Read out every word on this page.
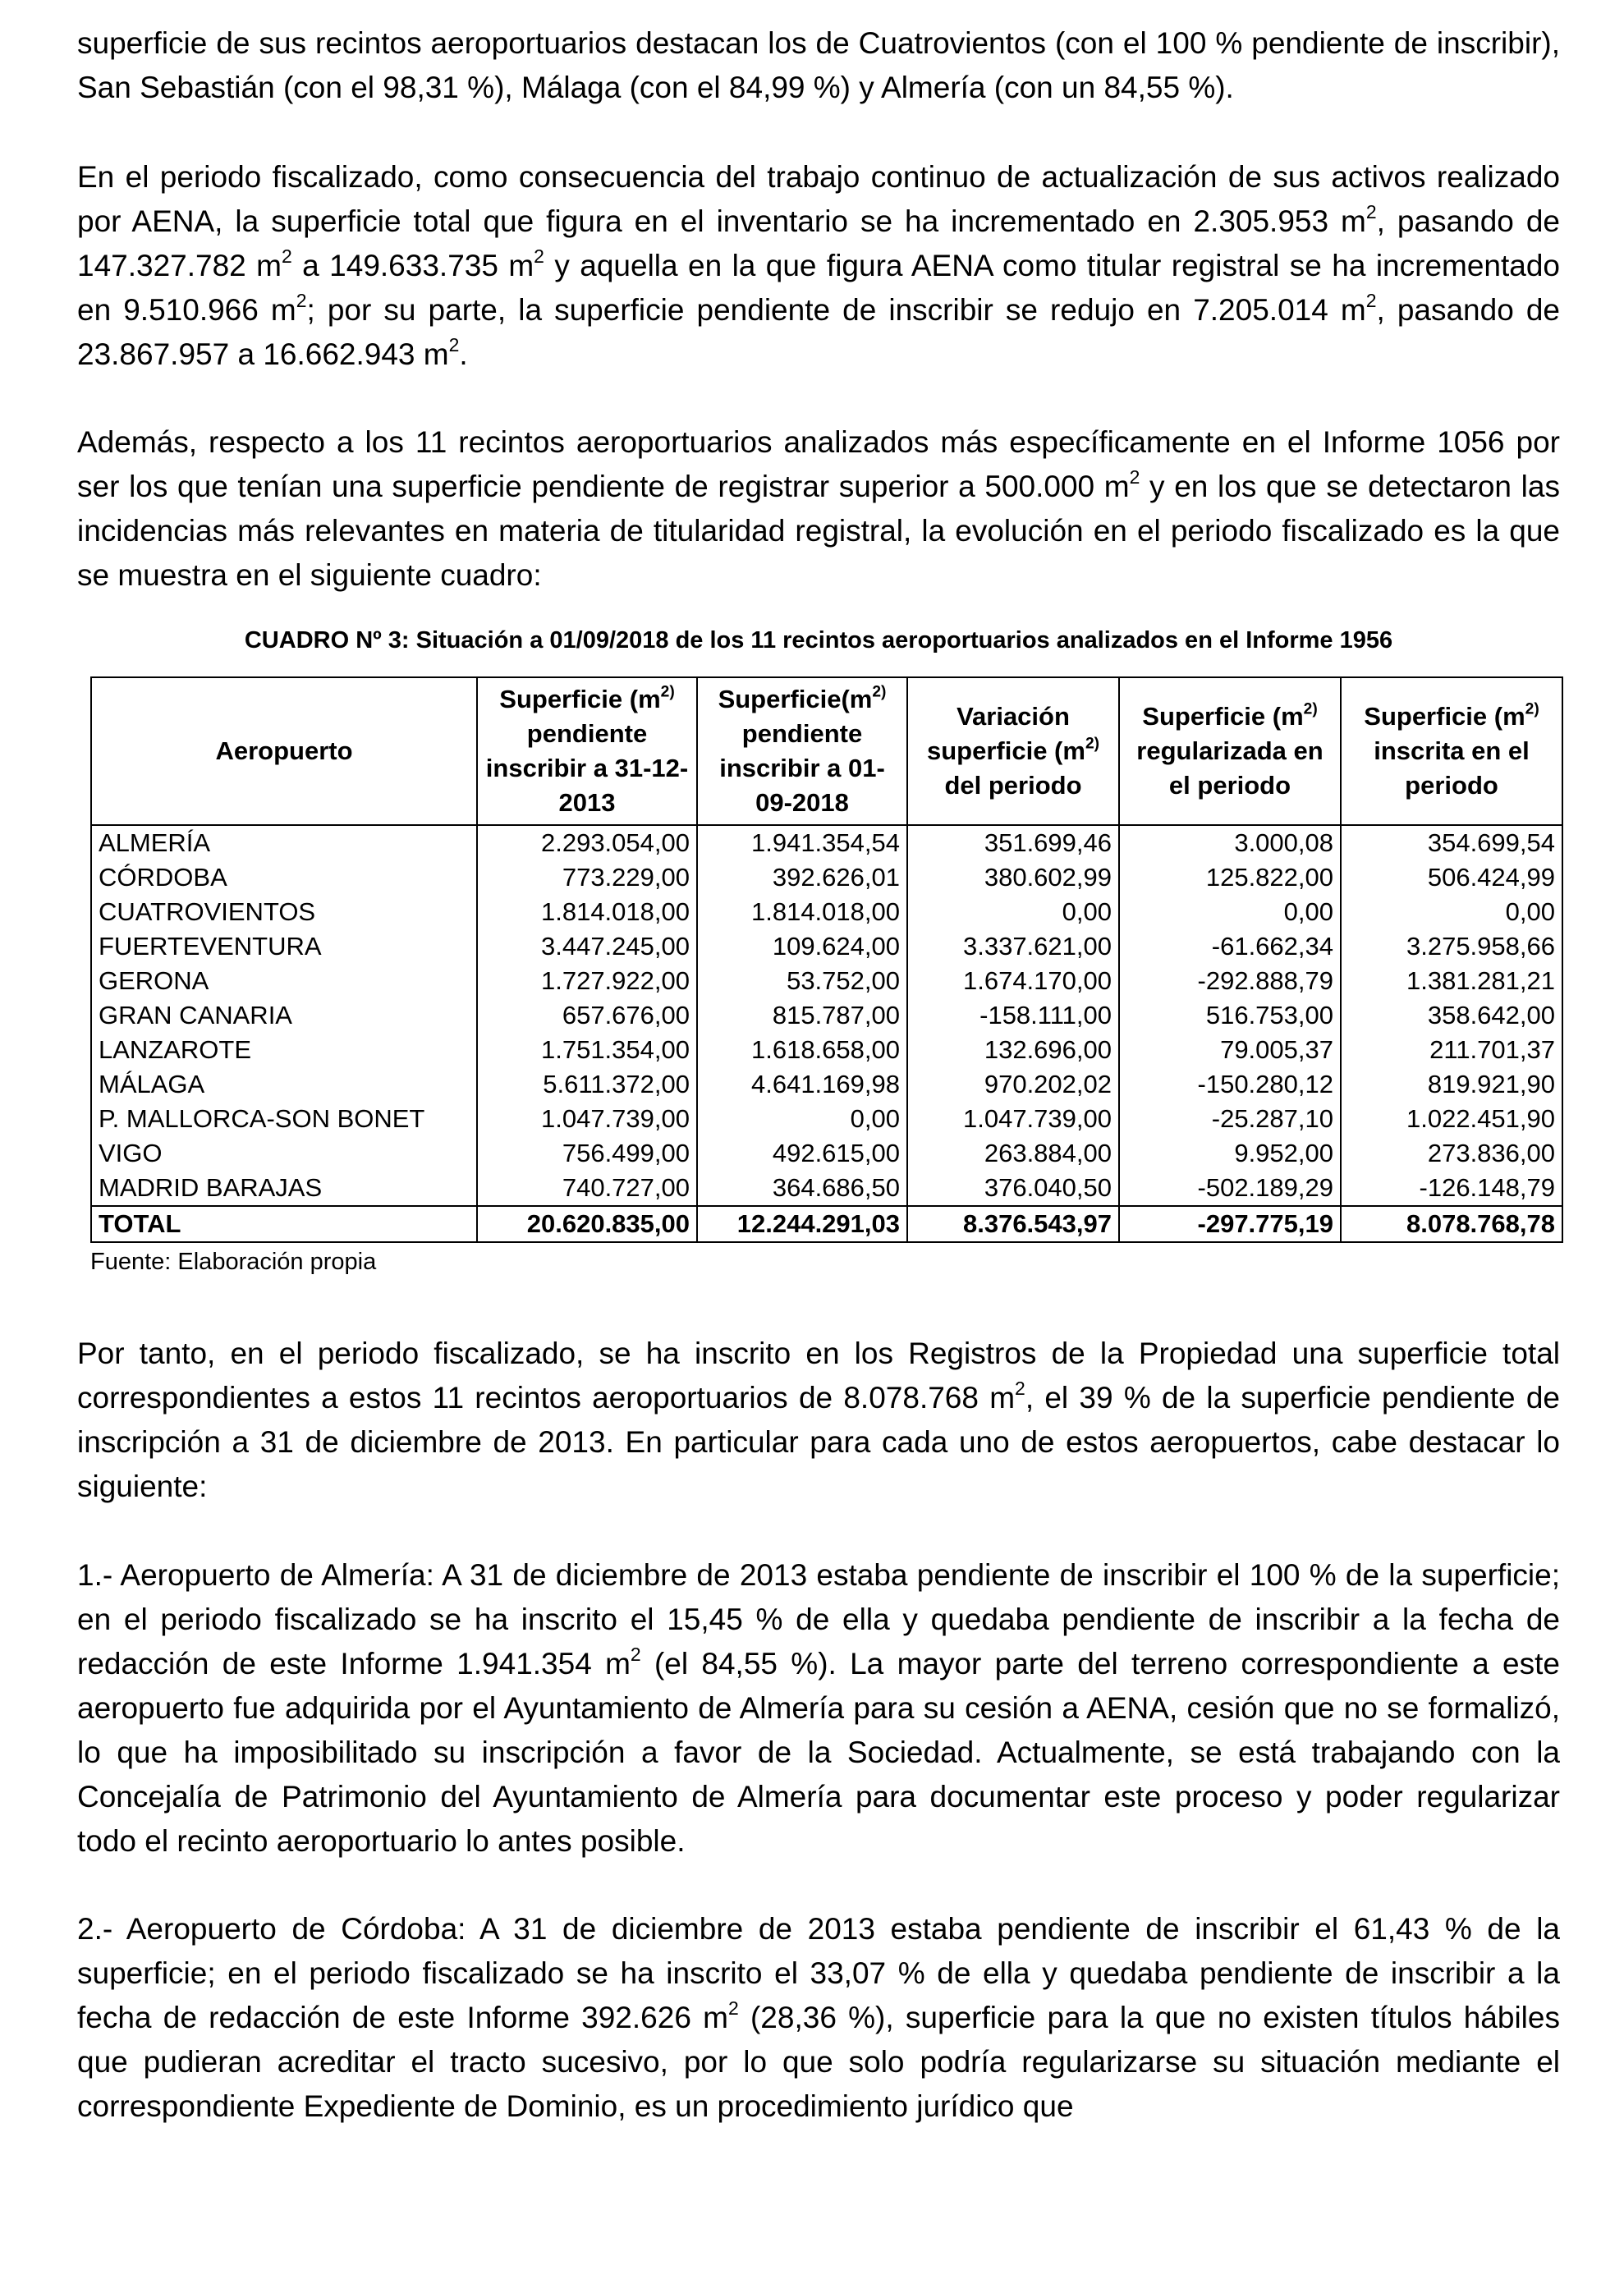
superficie de sus recintos aeroportuarios destacan los de Cuatrovientos (con el 100 % pendiente de inscribir), San Sebastián (con el 98,31 %), Málaga (con el 84,99 %) y Almería (con un 84,55 %).

En el periodo fiscalizado, como consecuencia del trabajo continuo de actualización de sus activos realizado por AENA, la superficie total que figura en el inventario se ha incrementado en 2.305.953 $m^2$, pasando de 147.327.782 $m^2$ a 149.633.735 $m^2$ y aquella en la que figura AENA como titular registral se ha incrementado en 9.510.966 $m^2$; por su parte, la superficie pendiente de inscribir se redujo en 7.205.014 $m^2$, pasando de 23.867.957 a 16.662.943 $m^2$.

Además, respecto a los 11 recintos aeroportuarios analizados más específicamente en el Informe 1056 por ser los que tenían una superficie pendiente de registrar superior a 500.000 $m^2$ y en los que se detectaron las incidencias más relevantes en materia de titularidad registral, la evolución en el periodo fiscalizado es la que se muestra en el siguiente cuadro:

CUADRO Nº 3: Situación a 01/09/2018 de los 11 recintos aeroportuarios analizados en el Informe 1956
Aeropuerto	Superficie ($m^{2)}$ pendiente inscribir a 31-12-2013	$Superficie(m^{2)}$ pendiente inscribir a 01-09-2018	Variación superficie ($m^{2)}$ del periodo	Superficie ($m^{2)}$ regularizada en el periodo	Superficie ($m^{2)}$ inscrita en el periodo
ALMERÍA	2.293.054,00	1.941.354,54	351.699,46	3.000,08	354.699,54
CÓRDOBA	773.229,00	392.626,01	380.602,99	125.822,00	506.424,99
CUATROVIENTOS	1.814.018,00	1.814.018,00	0,00	0,00	0,00
FUERTEVENTURA	3.447.245,00	109.624,00	3.337.621,00	-61.662,34	3.275.958,66
GERONA	1.727.922,00	53.752,00	1.674.170,00	-292.888,79	1.381.281,21
GRAN CANARIA	657.676,00	815.787,00	-158.111,00	516.753,00	358.642,00
LANZAROTE	1.751.354,00	1.618.658,00	132.696,00	79.005,37	211.701,37
MÁLAGA	5.611.372,00	4.641.169,98	970.202,02	-150.280,12	819.921,90
P. MALLORCA-SON BONET	1.047.739,00	0,00	1.047.739,00	-25.287,10	1.022.451,90
VIGO	756.499,00	492.615,00	263.884,00	9.952,00	273.836,00
MADRID BARAJAS	740.727,00	364.686,50	376.040,50	-502.189,29	-126.148,79
TOTAL	20.620.835,00	12.244.291,03	8.376.543,97	-297.775,19	8.078.768,78
Fuente: Elaboración propia

Por tanto, en el periodo fiscalizado, se ha inscrito en los Registros de la Propiedad una superficie total correspondientes a estos 11 recintos aeroportuarios de 8.078.768 $m^2$, el 39 % de la superficie pendiente de inscripción a 31 de diciembre de 2013. En particular para cada uno de estos aeropuertos, cabe destacar lo siguiente:

1.- Aeropuerto de Almería: A 31 de diciembre de 2013 estaba pendiente de inscribir el 100 % de la superficie; en el periodo fiscalizado se ha inscrito el 15,45 % de ella y quedaba pendiente de inscribir a la fecha de redacción de este Informe 1.941.354 $m^2$ (el 84,55 %). La mayor parte del terreno correspondiente a este aeropuerto fue adquirida por el Ayuntamiento de Almería para su cesión a AENA, cesión que no se formalizó, lo que ha imposibilitado su inscripción a favor de la Sociedad. Actualmente, se está trabajando con la Concejalía de Patrimonio del Ayuntamiento de Almería para documentar este proceso y poder regularizar todo el recinto aeroportuario lo antes posible.

2.- Aeropuerto de Córdoba: A 31 de diciembre de 2013 estaba pendiente de inscribir el 61,43 % de la superficie; en el periodo fiscalizado se ha inscrito el 33,07 % de ella y quedaba pendiente de inscribir a la fecha de redacción de este Informe 392.626 $m^2$ (28,36 %), superficie para la que no existen títulos hábiles que pudieran acreditar el tracto sucesivo, por lo que solo podría regularizarse su situación mediante el correspondiente Expediente de Dominio, es un procedimiento jurídico que
